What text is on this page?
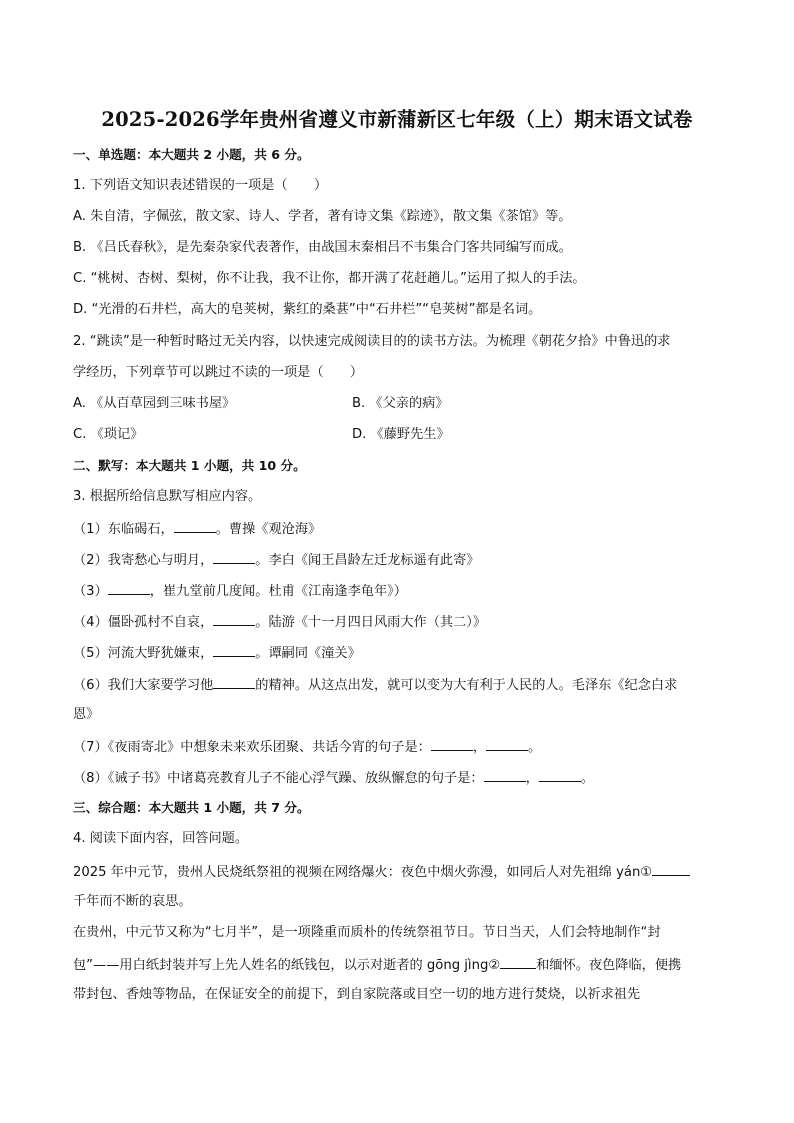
2025-2026学年贵州省遵义市新蒲新区七年级（上）期末语文试卷
一、单选题：本大题共 2 小题，共 6 分。
1. 下列语文知识表述错误的一项是（　　）
A. 朱自清，字佩弦，散文家、诗人、学者，著有诗文集《踪迹》，散文集《茶馆》等。
B. 《吕氏春秋》，是先秦杂家代表著作，由战国末秦相吕不韦集合门客共同编写而成。
C. “桃树、杏树、梨树，你不让我，我不让你，都开满了花赶趟儿。”运用了拟人的手法。
D. “光滑的石井栏，高大的皂荚树，紫红的桑葚”中“石井栏”“皂荚树”都是名词。
2. “跳读”是一种暂时略过无关内容，以快速完成阅读目的的读书方法。为梳理《朝花夕拾》中鲁迅的求
学经历，下列章节可以跳过不读的一项是（　　）
A. 《从百草园到三味书屋》	B. 《父亲的病》
C. 《琐记》	D. 《藤野先生》
二、默写：本大题共 1 小题，共 10 分。
3. 根据所给信息默写相应内容。
（1）东临碣石，	。曹操《观沧海》
（2）我寄愁心与明月，	。李白《闻王昌龄左迁龙标遥有此寄》
（3）	，崔九堂前几度闻。杜甫《江南逢李龟年》）
（4）僵卧孤村不自哀，	。陆游《十一月四日风雨大作（其二）》
（5）河流大野犹嫌束，	。谭嗣同《潼关》
（6）我们大家要学习他	的精神。从这点出发，就可以变为大有利于人民的人。毛泽东《纪念白求
恩》
（7）《夜雨寄北》中想象未来欢乐团聚、共话今宵的句子是：	，	。
（8）《诫子书》中诸葛亮教育儿子不能心浮气躁、放纵懈怠的句子是：	，	。
三、综合题：本大题共 1 小题，共 7 分。
4. 阅读下面内容，回答问题。
2025 年中元节，贵州人民烧纸祭祖的视频在网络爆火：夜色中烟火弥漫，如同后人对先祖绵 yán①
千年而不断的哀思。
在贵州，中元节又称为“七月半”，是一项隆重而质朴的传统祭祖节日。节日当天，人们会特地制作“封
包”——用白纸封装并写上先人姓名的纸钱包，以示对逝者的 gōng jìng②	和缅怀。夜色降临，便携
带封包、香烛等物品，在保证安全的前提下，到自家院落或目空一切的地方进行焚烧，以祈求祖先
